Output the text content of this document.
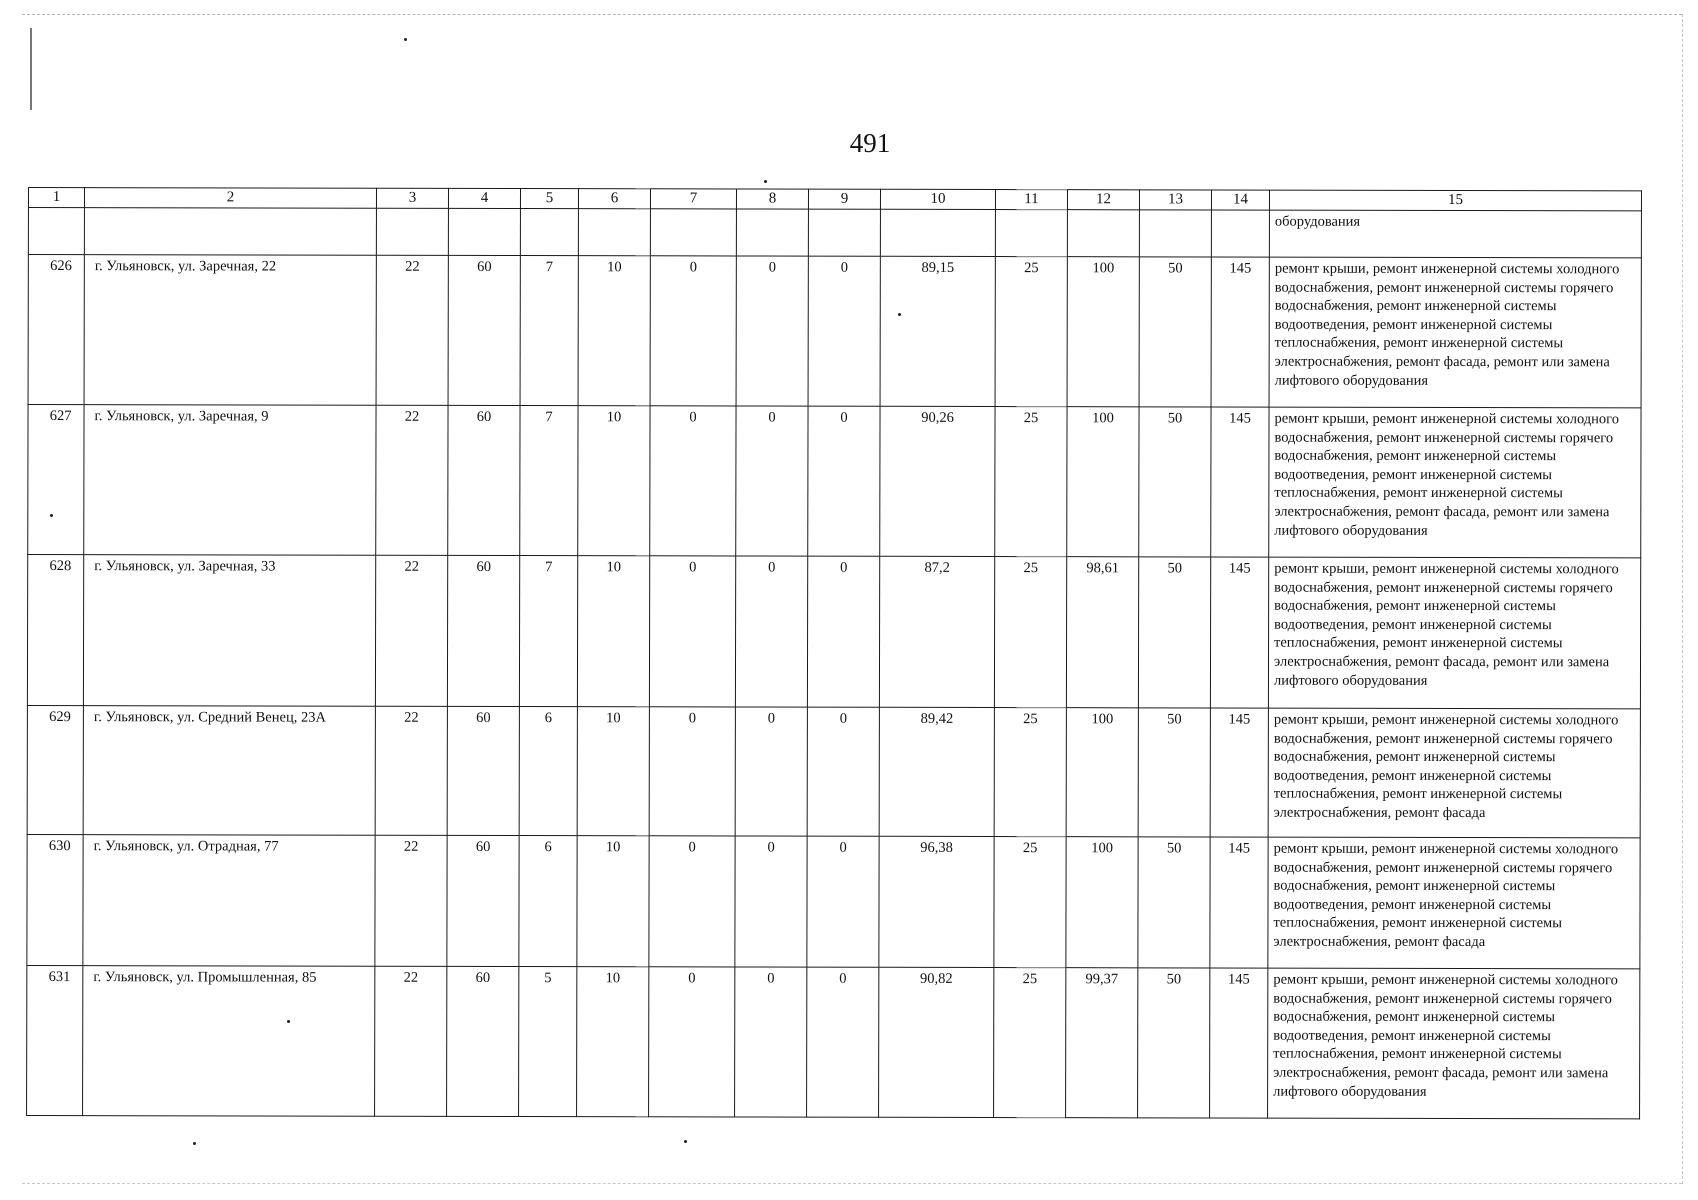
491
1	2	3	4	5	6	7	8	9	10	11	12	13	14	15
														оборудования
626	г. Ульяновск, ул. Заречная, 22	22	60	7	10	0	0	0	89,15	25	100	50	145	ремонт крыши, ремонт инженерной системы холодного водоснабжения, ремонт инженерной системы горячего водоснабжения, ремонт инженерной системы водоотведения, ремонт инженерной системы теплоснабжения, ремонт инженерной системы электроснабжения, ремонт фасада, ремонт или замена лифтового оборудования
627	г. Ульяновск, ул. Заречная, 9	22	60	7	10	0	0	0	90,26	25	100	50	145	ремонт крыши, ремонт инженерной системы холодного водоснабжения, ремонт инженерной системы горячего водоснабжения, ремонт инженерной системы водоотведения, ремонт инженерной системы теплоснабжения, ремонт инженерной системы электроснабжения, ремонт фасада, ремонт или замена лифтового оборудования
628	г. Ульяновск, ул. Заречная, 33	22	60	7	10	0	0	0	87,2	25	98,61	50	145	ремонт крыши, ремонт инженерной системы холодного водоснабжения, ремонт инженерной системы горячего водоснабжения, ремонт инженерной системы водоотведения, ремонт инженерной системы теплоснабжения, ремонт инженерной системы электроснабжения, ремонт фасада, ремонт или замена лифтового оборудования
629	г. Ульяновск, ул. Средний Венец, 23А	22	60	6	10	0	0	0	89,42	25	100	50	145	ремонт крыши, ремонт инженерной системы холодного водоснабжения, ремонт инженерной системы горячего водоснабжения, ремонт инженерной системы водоотведения, ремонт инженерной системы теплоснабжения, ремонт инженерной системы электроснабжения, ремонт фасада
630	г. Ульяновск, ул. Отрадная, 77	22	60	6	10	0	0	0	96,38	25	100	50	145	ремонт крыши, ремонт инженерной системы холодного водоснабжения, ремонт инженерной системы горячего водоснабжения, ремонт инженерной системы водоотведения, ремонт инженерной системы теплоснабжения, ремонт инженерной системы электроснабжения, ремонт фасада
631	г. Ульяновск, ул. Промышленная, 85	22	60	5	10	0	0	0	90,82	25	99,37	50	145	ремонт крыши, ремонт инженерной системы холодного водоснабжения, ремонт инженерной системы горячего водоснабжения, ремонт инженерной системы водоотведения, ремонт инженерной системы теплоснабжения, ремонт инженерной системы электроснабжения, ремонт фасада, ремонт или замена лифтового оборудования
